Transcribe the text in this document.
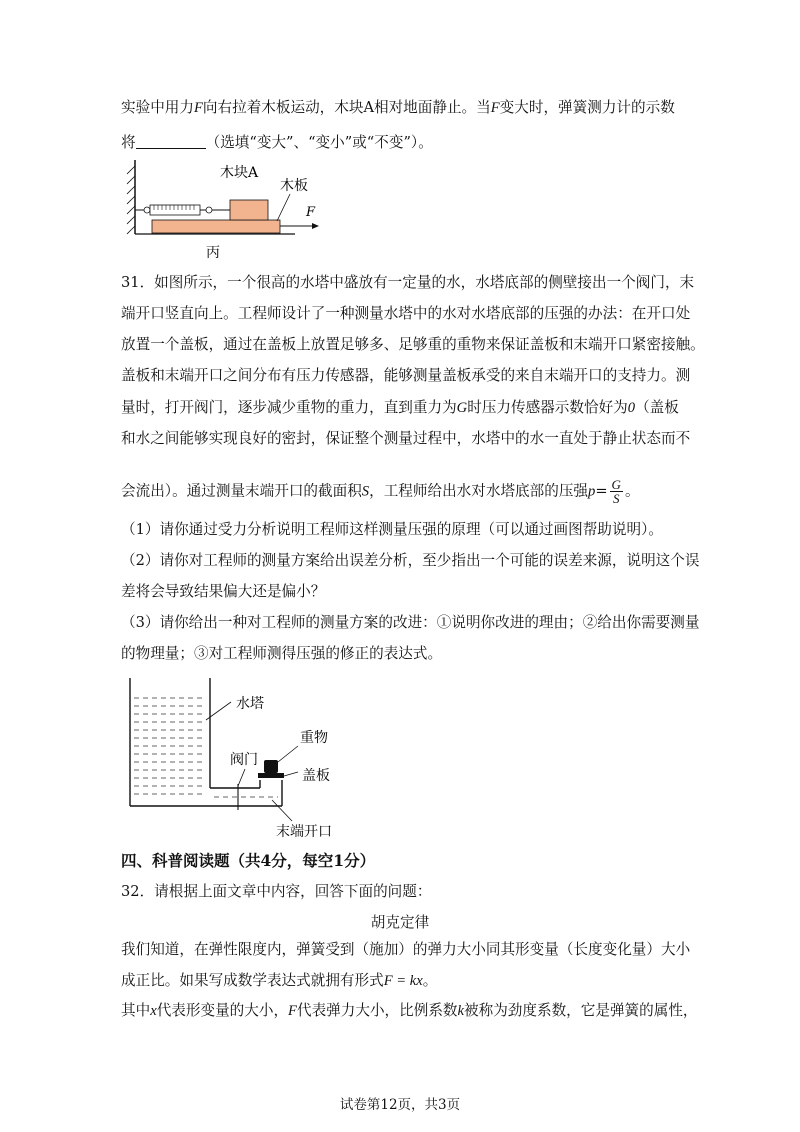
实验中用力F向右拉着木板运动，木块A相对地面静止。当F变大时，弹簧测力计的示数
将	（选填“变大”、“变小”或“不变”）。
木块A
木板
F
丙
31．如图所示，一个很高的水塔中盛放有一定量的水，水塔底部的侧壁接出一个阀门，末
端开口竖直向上。工程师设计了一种测量水塔中的水对水塔底部的压强的办法：在开口处
放置一个盖板，通过在盖板上放置足够多、足够重的重物来保证盖板和末端开口紧密接触。
盖板和末端开口之间分布有压力传感器，能够测量盖板承受的来自末端开口的支持力。测
量时，打开阀门，逐步减少重物的重力，直到重力为G时压力传感器示数恰好为0（盖板
和水之间能够实现良好的密封，保证整个测量过程中，水塔中的水一直处于静止状态而不
会流出）。通过测量末端开口的截面积S，工程师给出水对水塔底部的压强$p= \frac{G}{S}$ 。
（1）请你通过受力分析说明工程师这样测量压强的原理（可以通过画图帮助说明）。
（2）请你对工程师的测量方案给出误差分析，至少指出一个可能的误差来源，说明这个误
差将会导致结果偏大还是偏小？
（3）请你给出一种对工程师的测量方案的改进：①说明你改进的理由；②给出你需要测量
的物理量；③对工程师测得压强的修正的表达式。
水塔
重物
阀门
盖板
末端开口
四、科普阅读题（共4分，每空1分）
32．请根据上面文章中内容，回答下面的问题：
胡克定律
我们知道，在弹性限度内，弹簧受到（施加）的弹力大小同其形变量（长度变化量）大小
成正比。如果写成数学表达式就拥有形式F = kx。
其中x代表形变量的大小，F代表弹力大小，比例系数k被称为劲度系数，它是弹簧的属性，
试卷第12页，共3页
